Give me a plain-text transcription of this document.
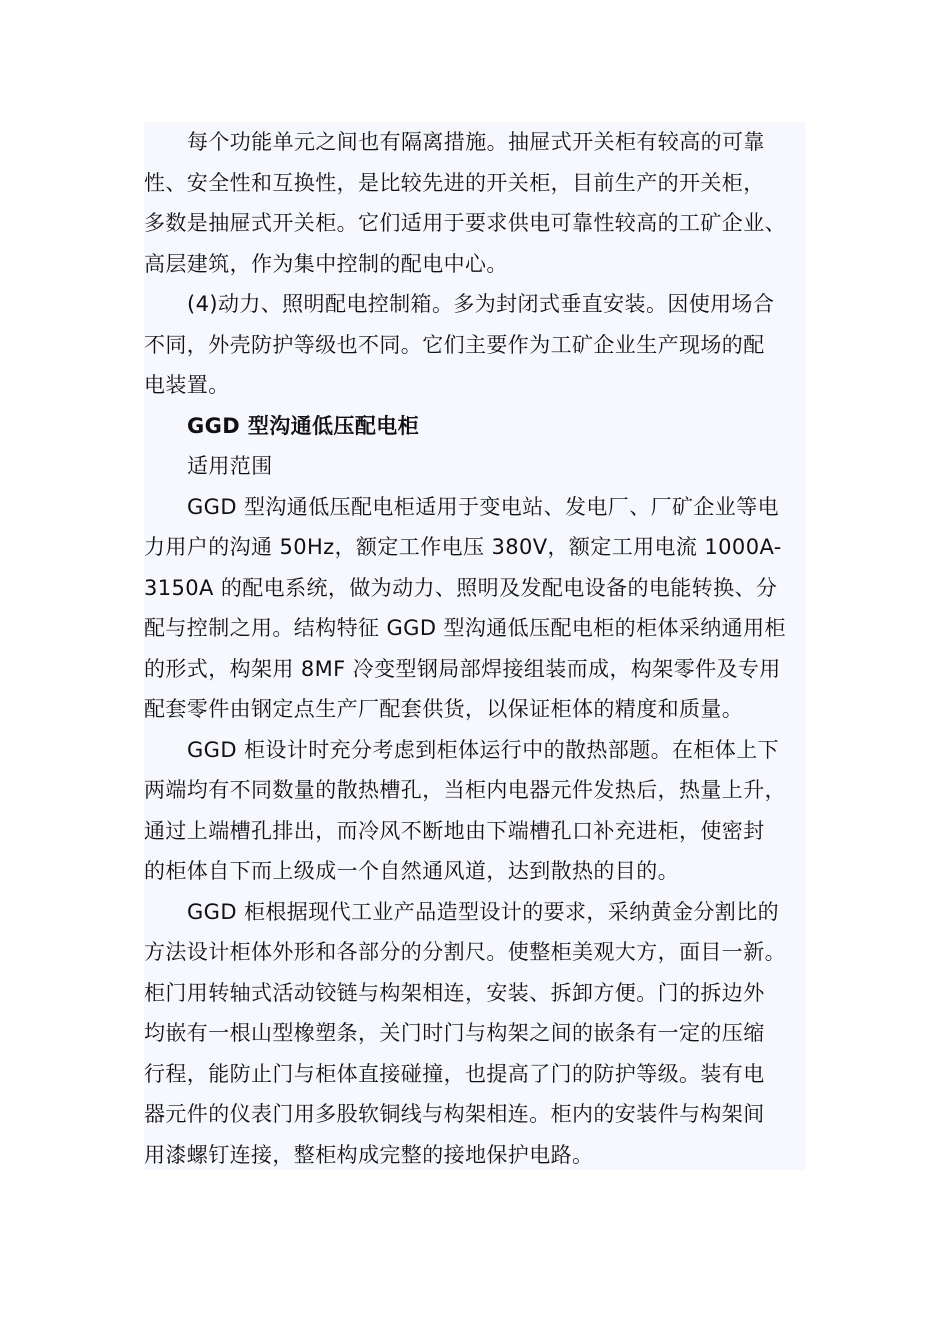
每个功能单元之间也有隔离措施。抽屉式开关柜有较高的可靠
性、安全性和互换性，是比较先进的开关柜，目前生产的开关柜，
多数是抽屉式开关柜。它们适用于要求供电可靠性较高的工矿企业、
高层建筑，作为集中控制的配电中心。
(4)动力、照明配电控制箱。多为封闭式垂直安装。因使用场合
不同，外壳防护等级也不同。它们主要作为工矿企业生产现场的配
电装置。
GGD 型沟通低压配电柜
适用范围
GGD 型沟通低压配电柜适用于变电站、发电厂、厂矿企业等电
力用户的沟通 50Hz，额定工作电压 380V，额定工用电流 1000A-
3150A 的配电系统，做为动力、照明及发配电设备的电能转换、分
配与控制之用。结构特征 GGD 型沟通低压配电柜的柜体采纳通用柜
的形式，构架用 8MF 冷变型钢局部焊接组装而成，构架零件及专用
配套零件由钢定点生产厂配套供货，以保证柜体的精度和质量。
GGD 柜设计时充分考虑到柜体运行中的散热部题。在柜体上下
两端均有不同数量的散热槽孔，当柜内电器元件发热后，热量上升，
通过上端槽孔排出，而冷风不断地由下端槽孔口补充进柜，使密封
的柜体自下而上级成一个自然通风道，达到散热的目的。
GGD 柜根据现代工业产品造型设计的要求，采纳黄金分割比的
方法设计柜体外形和各部分的分割尺。使整柜美观大方，面目一新。
柜门用转轴式活动铰链与构架相连，安装、拆卸方便。门的拆边外
均嵌有一根山型橡塑条，关门时门与构架之间的嵌条有一定的压缩
行程，能防止门与柜体直接碰撞，也提高了门的防护等级。装有电
器元件的仪表门用多股软铜线与构架相连。柜内的安装件与构架间
用漆螺钉连接，整柜构成完整的接地保护电路。
